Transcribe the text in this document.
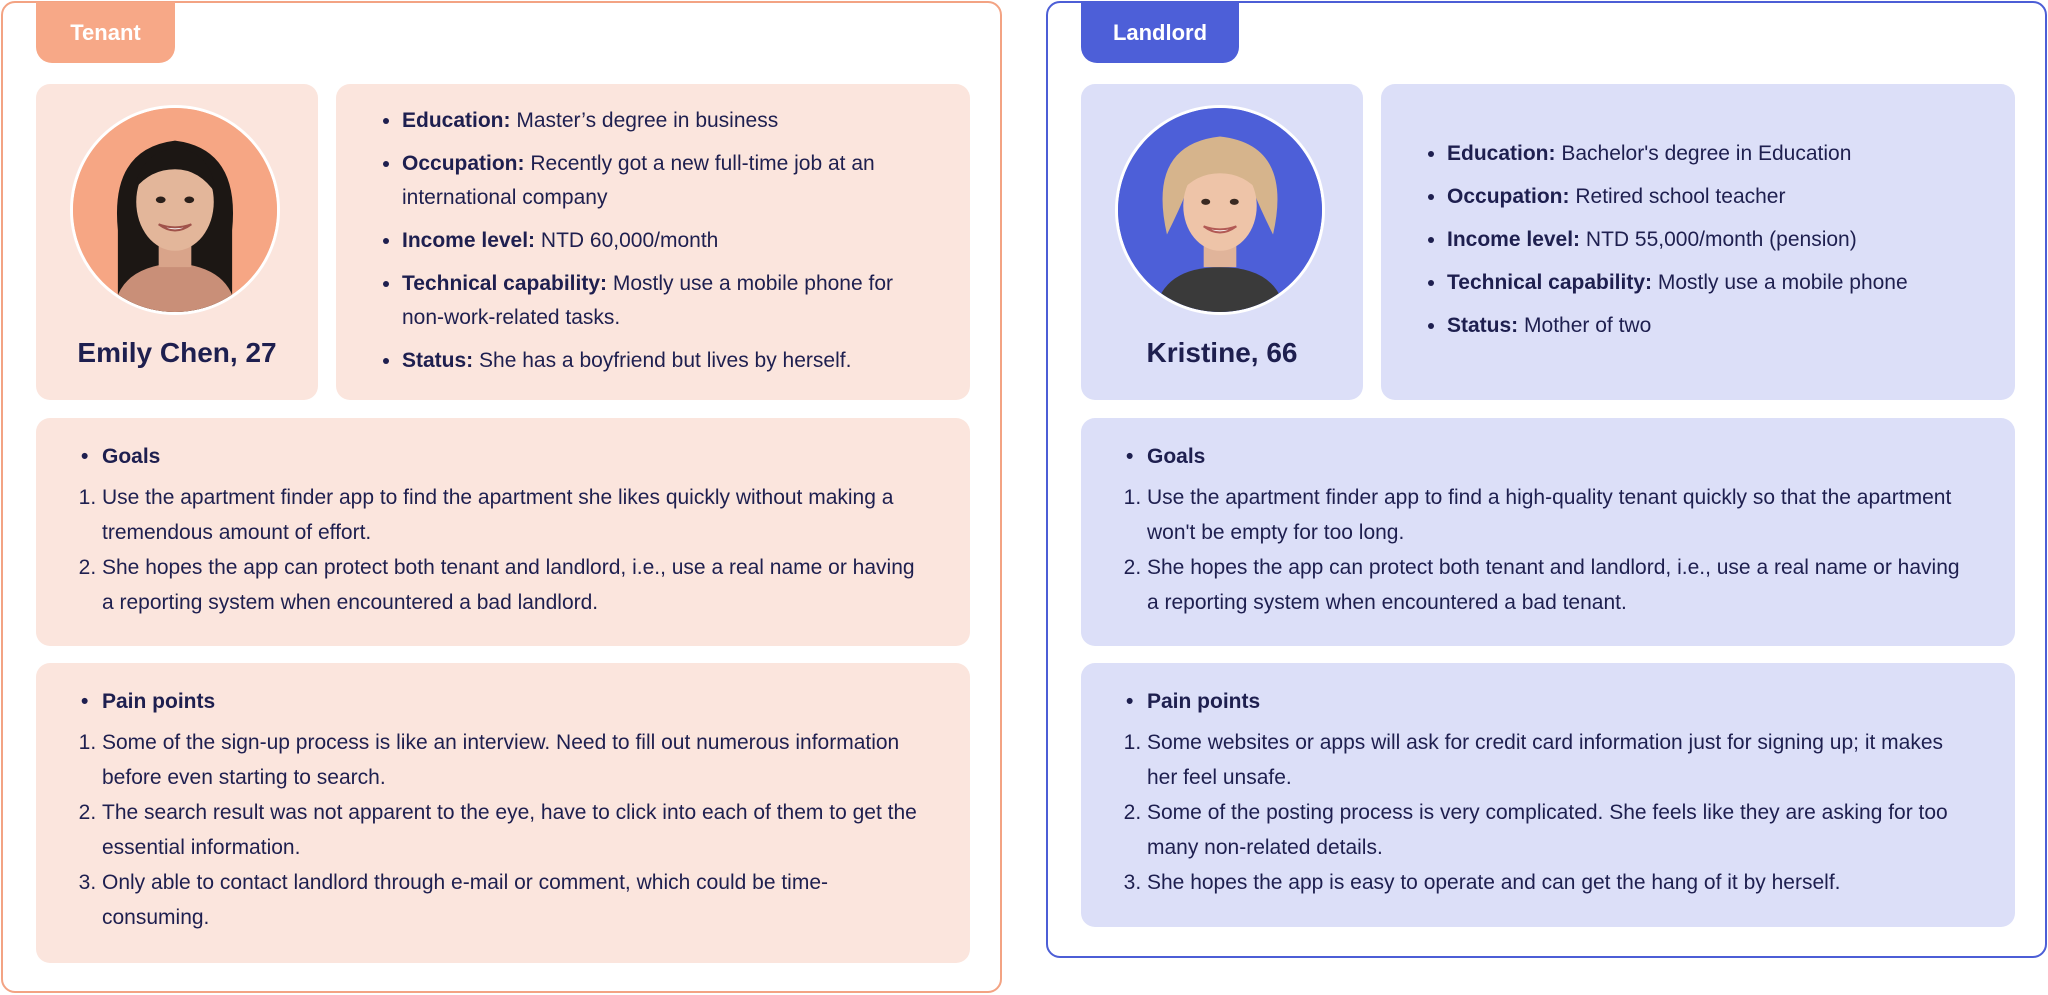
Tenant
Emily Chen, 27
• Education: Master’s degree in business
• Occupation: Recently got a new full-time job at an international company
• Income level: NTD 60,000/month
• Technical capability: Mostly use a mobile phone for non-work-related tasks.
• Status: She has a boyfriend but lives by herself.
• Goals
1. Use the apartment finder app to find the apartment she likes quickly without making a tremendous amount of effort.
2. She hopes the app can protect both tenant and landlord, i.e., use a real name or having a reporting system when encountered a bad landlord.
• Pain points
1. Some of the sign-up process is like an interview. Need to fill out numerous information before even starting to search.
2. The search result was not apparent to the eye, have to click into each of them to get the essential information.
3. Only able to contact landlord through e-mail or comment, which could be time-consuming.
Landlord
Kristine, 66
• Education: Bachelor's degree in Education
• Occupation: Retired school teacher
• Income level: NTD 55,000/month (pension)
• Technical capability: Mostly use a mobile phone
• Status: Mother of two
• Goals
1. Use the apartment finder app to find a high-quality tenant quickly so that the apartment won't be empty for too long.
2. She hopes the app can protect both tenant and landlord, i.e., use a real name or having a reporting system when encountered a bad tenant.
• Pain points
1. Some websites or apps will ask for credit card information just for signing up; it makes her feel unsafe.
2. Some of the posting process is very complicated. She feels like they are asking for too many non-related details.
3. She hopes the app is easy to operate and can get the hang of it by herself.
